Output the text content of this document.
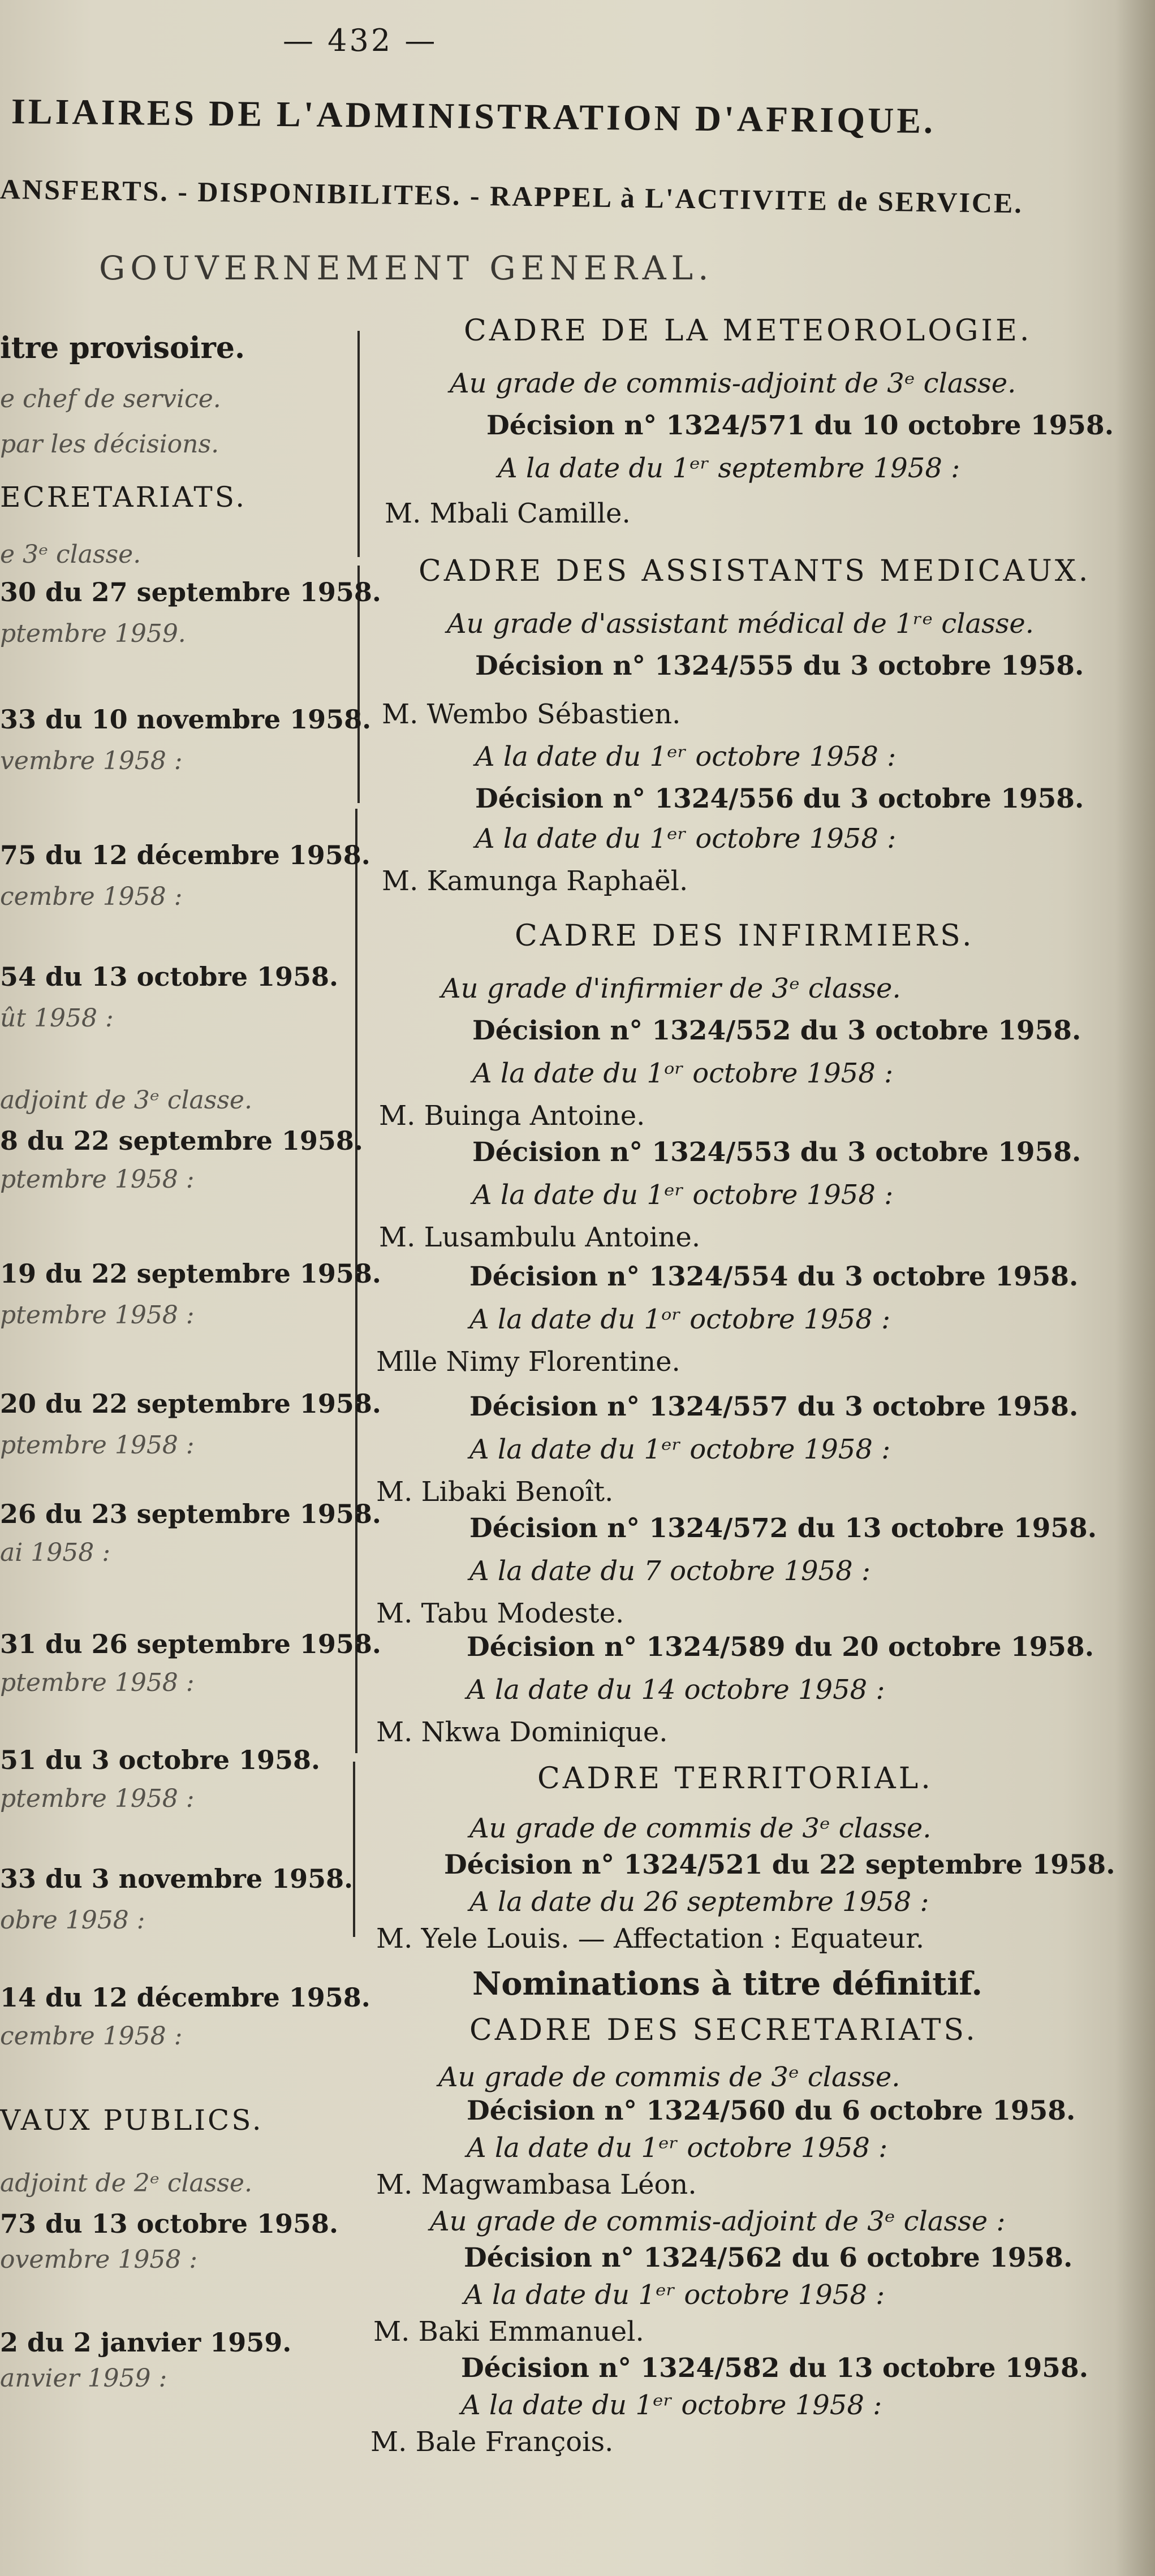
— 432 —
ILIAIRES DE L'ADMINISTRATION D'AFRIQUE.
ANSFERTS. - DISPONIBILITES. - RAPPEL à L'ACTIVITE de SERVICE.
GOUVERNEMENT GENERAL.
itre provisoire.
e chef de service.
par les décisions.
ECRETARIATS.
e 3ᵉ classe.
30 du 27 septembre 1958.
ptembre 1959.
33 du 10 novembre 1958.
vembre 1958 :
75 du 12 décembre 1958.
cembre 1958 :
54 du 13 octobre 1958.
ût 1958 :
adjoint de 3ᵉ classe.
8 du 22 septembre 1958.
ptembre 1958 :
19 du 22 septembre 1958.
ptembre 1958 :
20 du 22 septembre 1958.
ptembre 1958 :
26 du 23 septembre 1958.
ai 1958 :
31 du 26 septembre 1958.
ptembre 1958 :
51 du 3 octobre 1958.
ptembre 1958 :
33 du 3 novembre 1958.
obre 1958 :
14 du 12 décembre 1958.
cembre 1958 :
VAUX PUBLICS.
adjoint de 2ᵉ classe.
73 du 13 octobre 1958.
ovembre 1958 :
2 du 2 janvier 1959.
anvier 1959 :
CADRE DE LA METEOROLOGIE.
Au grade de commis-adjoint de 3ᵉ classe.
Décision n° 1324/571 du 10 octobre 1958.
A la date du 1ᵉʳ septembre 1958 :
M. Mbali Camille.
CADRE DES ASSISTANTS MEDICAUX.
Au grade d'assistant médical de 1ʳᵉ classe.
Décision n° 1324/555 du 3 octobre 1958.
M. Wembo Sébastien.
A la date du 1ᵉʳ octobre 1958 :
Décision n° 1324/556 du 3 octobre 1958.
A la date du 1ᵉʳ octobre 1958 :
M. Kamunga Raphaël.
CADRE DES INFIRMIERS.
Au grade d'infirmier de 3ᵉ classe.
Décision n° 1324/552 du 3 octobre 1958.
A la date du 1ᵒʳ octobre 1958 :
M. Buinga Antoine.
Décision n° 1324/553 du 3 octobre 1958.
A la date du 1ᵉʳ octobre 1958 :
M. Lusambulu Antoine.
Décision n° 1324/554 du 3 octobre 1958.
A la date du 1ᵒʳ octobre 1958 :
Mlle Nimy Florentine.
Décision n° 1324/557 du 3 octobre 1958.
A la date du 1ᵉʳ octobre 1958 :
M. Libaki Benoît.
Décision n° 1324/572 du 13 octobre 1958.
A la date du 7 octobre 1958 :
M. Tabu Modeste.
Décision n° 1324/589 du 20 octobre 1958.
A la date du 14 octobre 1958 :
M. Nkwa Dominique.
CADRE TERRITORIAL.
Au grade de commis de 3ᵉ classe.
Décision n° 1324/521 du 22 septembre 1958.
A la date du 26 septembre 1958 :
M. Yele Louis. — Affectation : Equateur.
Nominations à titre définitif.
CADRE DES SECRETARIATS.
Au grade de commis de 3ᵉ classe.
Décision n° 1324/560 du 6 octobre 1958.
A la date du 1ᵉʳ octobre 1958 :
M. Magwambasa Léon.
Au grade de commis-adjoint de 3ᵉ classe :
Décision n° 1324/562 du 6 octobre 1958.
A la date du 1ᵉʳ octobre 1958 :
M. Baki Emmanuel.
Décision n° 1324/582 du 13 octobre 1958.
A la date du 1ᵉʳ octobre 1958 :
M. Bale François.
